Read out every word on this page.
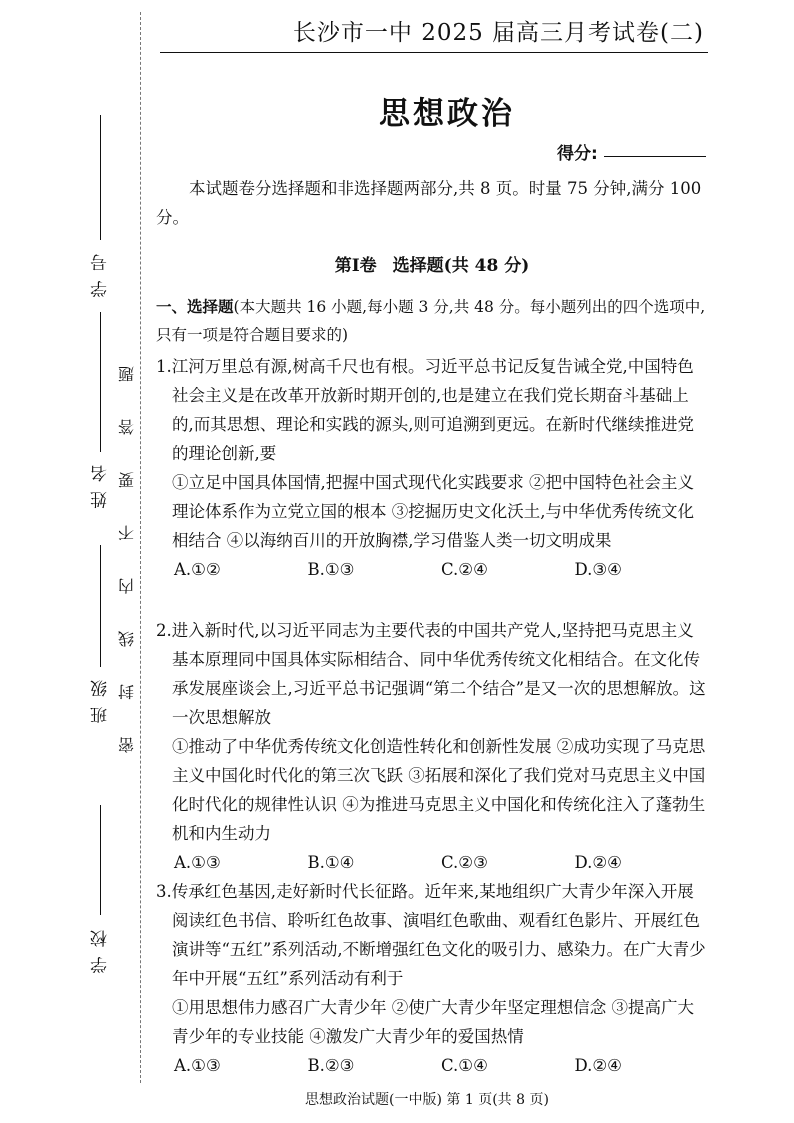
学 校
班 级
姓 名
学 号
密
封
线
内
不
要
答
题
长沙市一中 2025 届高三月考试卷(二)
思想政治
得分:

本试题卷分选择题和非选择题两部分,共 8 页。时量 75 分钟,满分 100 分。

第Ⅰ卷 选择题(共 48 分)

一、选择题(本大题共 16 小题,每小题 3 分,共 48 分。每小题列出的四个选项中,只有一项是符合题目要求的)

1.江河万里总有源,树高千尺也有根。习近平总书记反复告诫全党,中国特色社会主义是在改革开放新时期开创的,也是建立在我们党长期奋斗基础上的,而其思想、理论和实践的源头,则可追溯到更远。在新时代继续推进党的理论创新,要

①立足中国具体国情,把握中国式现代化实践要求 ②把中国特色社会主义理论体系作为立党立国的根本 ③挖掘历史文化沃土,与中华优秀传统文化相结合 ④以海纳百川的开放胸襟,学习借鉴人类一切文明成果

A.①②	B.①③	C.②④	D.③④

2.进入新时代,以习近平同志为主要代表的中国共产党人,坚持把马克思主义基本原理同中国具体实际相结合、同中华优秀传统文化相结合。在文化传承发展座谈会上,习近平总书记强调“第二个结合”是又一次的思想解放。这一次思想解放

①推动了中华优秀传统文化创造性转化和创新性发展 ②成功实现了马克思主义中国化时代化的第三次飞跃 ③拓展和深化了我们党对马克思主义中国化时代化的规律性认识 ④为推进马克思主义中国化和传统化注入了蓬勃生机和内生动力

A.①③	B.①④	C.②③	D.②④

3.传承红色基因,走好新时代长征路。近年来,某地组织广大青少年深入开展阅读红色书信、聆听红色故事、演唱红色歌曲、观看红色影片、开展红色演讲等“五红”系列活动,不断增强红色文化的吸引力、感染力。在广大青少年中开展“五红”系列活动有利于

①用思想伟力感召广大青少年 ②使广大青少年坚定理想信念 ③提高广大青少年的专业技能 ④激发广大青少年的爱国热情

A.①③	B.②③	C.①④	D.②④
思想政治试题(一中版) 第 1 页(共 8 页)
